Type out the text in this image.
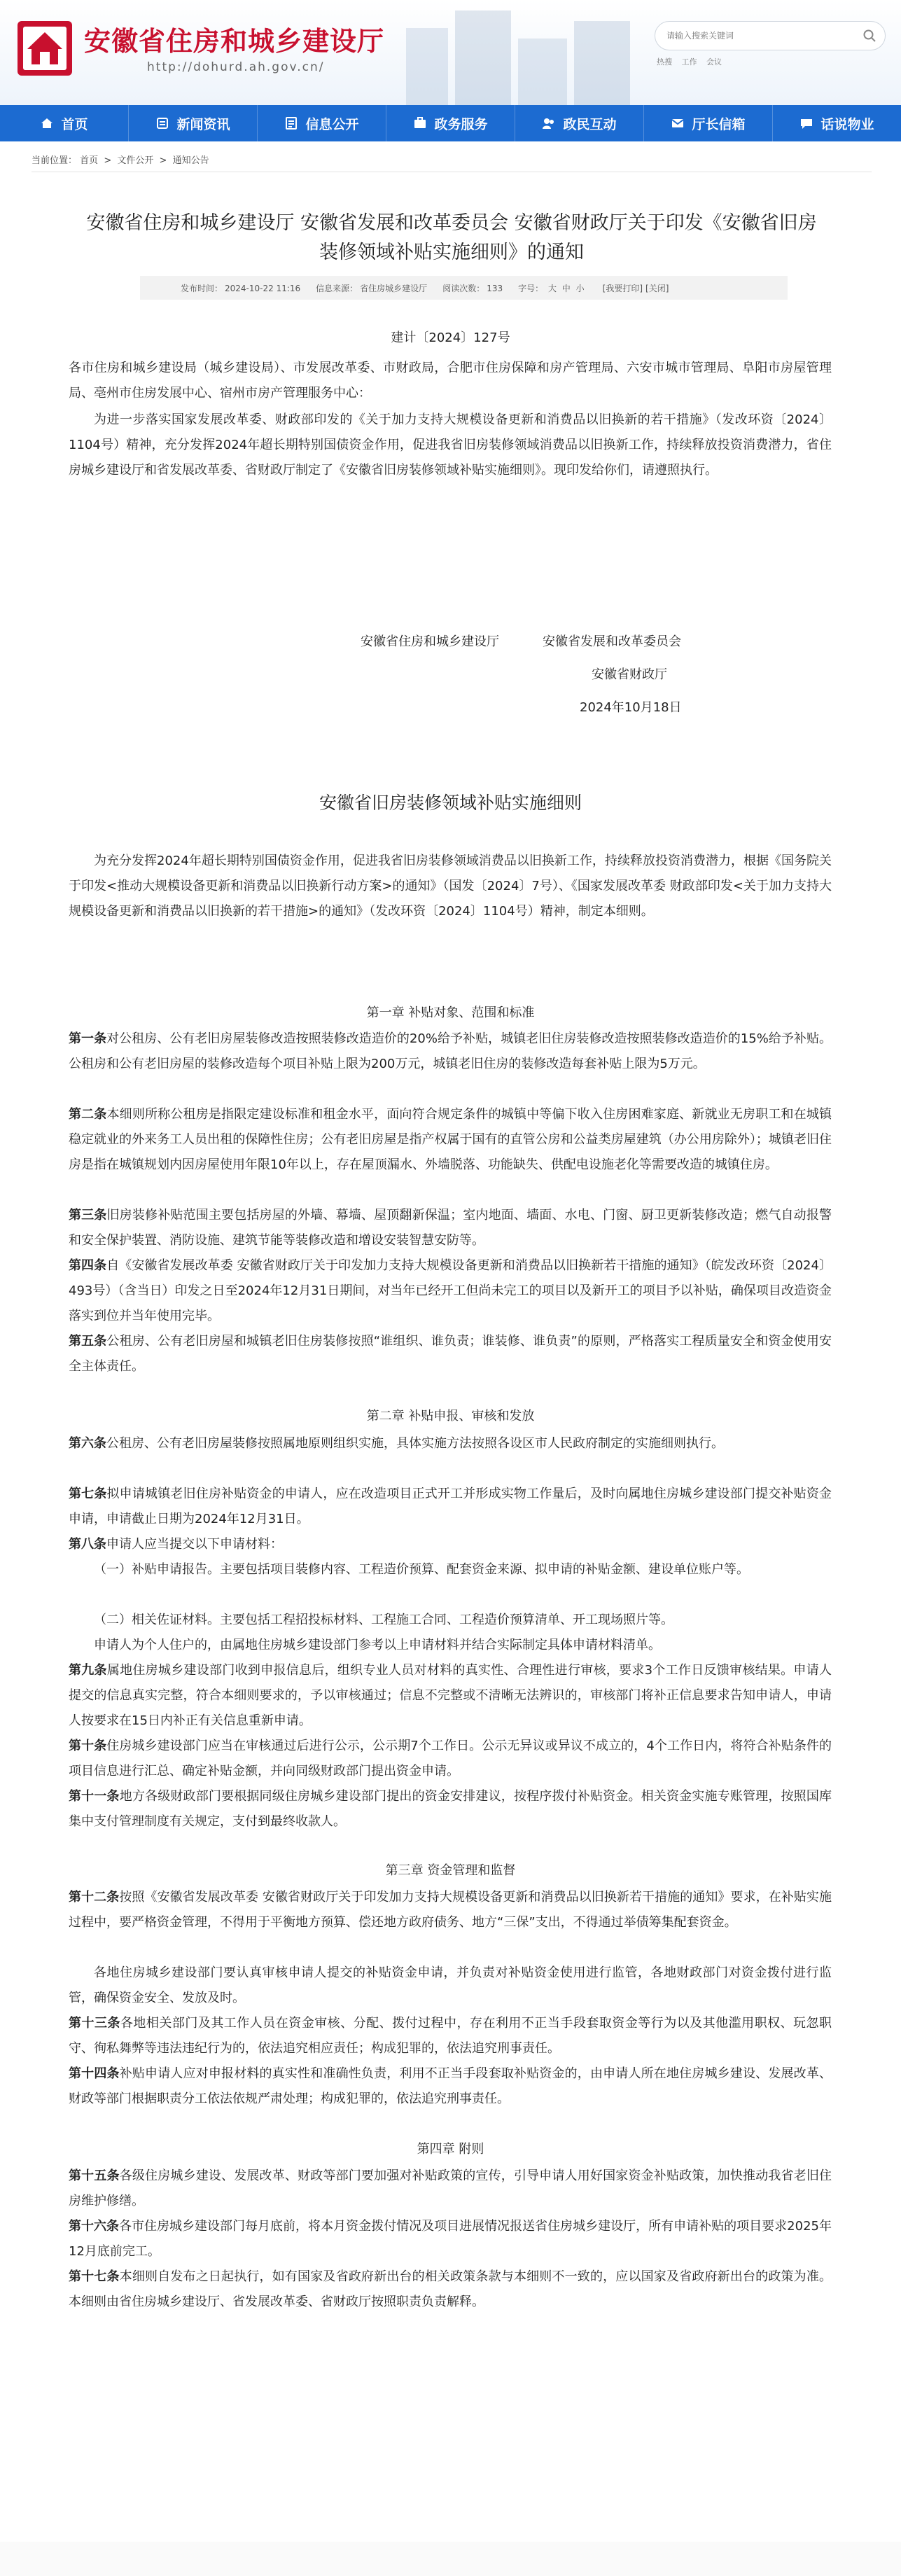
安徽省住房和城乡建设厅
http://dohurd.ah.gov.cn/
请输入搜索关键词	热搜 工作 会议
首页	新闻资讯	信息公开	政务服务	政民互动	厅长信箱	话说物业
当前位置： 首页 > 文件公开 > 通知公告
安徽省住房和城乡建设厅 安徽省发展和改革委员会 安徽省财政厅关于印发《安徽省旧房
装修领域补贴实施细则》的通知
发布时间： 2024-10-22 11:16 信息来源： 省住房城乡建设厅 阅读次数： 133 字号： 大 中 小	[我要打印] [关闭]
建计〔2024〕127号
各市住房和城乡建设局（城乡建设局）、市发展改革委、市财政局，合肥市住房保障和房产管理局、六安市城市管理局、阜阳市房屋管理局、亳州市住房发展中心、宿州市房产管理服务中心：
为进一步落实国家发展改革委、财政部印发的《关于加力支持大规模设备更新和消费品以旧换新的若干措施》（发改环资〔2024〕1104号）精神，充分发挥2024年超长期特别国债资金作用，促进我省旧房装修领域消费品以旧换新工作，持续释放投资消费潜力，省住房城乡建设厅和省发展改革委、省财政厅制定了《安徽省旧房装修领域补贴实施细则》。现印发给你们，请遵照执行。
安徽省住房和城乡建设厅	安徽省发展和改革委员会
安徽省财政厅
2024年10月18日
安徽省旧房装修领域补贴实施细则
为充分发挥2024年超长期特别国债资金作用，促进我省旧房装修领域消费品以旧换新工作，持续释放投资消费潜力，根据《国务院关于印发<推动大规模设备更新和消费品以旧换新行动方案>的通知》（国发〔2024〕7号）、《国家发展改革委 财政部印发<关于加力支持大规模设备更新和消费品以旧换新的若干措施>的通知》（发改环资〔2024〕1104号）精神，制定本细则。
第一章 补贴对象、范围和标准
第一条对公租房、公有老旧房屋装修改造按照装修改造造价的20%给予补贴，城镇老旧住房装修改造按照装修改造造价的15%给予补贴。公租房和公有老旧房屋的装修改造每个项目补贴上限为200万元，城镇老旧住房的装修改造每套补贴上限为5万元。
第二条本细则所称公租房是指限定建设标准和租金水平，面向符合规定条件的城镇中等偏下收入住房困难家庭、新就业无房职工和在城镇稳定就业的外来务工人员出租的保障性住房；公有老旧房屋是指产权属于国有的直管公房和公益类房屋建筑（办公用房除外）；城镇老旧住房是指在城镇规划内因房屋使用年限10年以上，存在屋顶漏水、外墙脱落、功能缺失、供配电设施老化等需要改造的城镇住房。
第三条旧房装修补贴范围主要包括房屋的外墙、幕墙、屋顶翻新保温；室内地面、墙面、水电、门窗、厨卫更新装修改造；燃气自动报警和安全保护装置、消防设施、建筑节能等装修改造和增设安装智慧安防等。
第四条自《安徽省发展改革委 安徽省财政厅关于印发加力支持大规模设备更新和消费品以旧换新若干措施的通知》（皖发改环资〔2024〕493号）（含当日）印发之日至2024年12月31日期间，对当年已经开工但尚未完工的项目以及新开工的项目予以补贴，确保项目改造资金落实到位并当年使用完毕。
第五条公租房、公有老旧房屋和城镇老旧住房装修按照“谁组织、谁负责；谁装修、谁负责”的原则，严格落实工程质量安全和资金使用安全主体责任。
第二章 补贴申报、审核和发放
第六条公租房、公有老旧房屋装修按照属地原则组织实施，具体实施方法按照各设区市人民政府制定的实施细则执行。
第七条拟申请城镇老旧住房补贴资金的申请人，应在改造项目正式开工并形成实物工作量后，及时向属地住房城乡建设部门提交补贴资金申请，申请截止日期为2024年12月31日。
第八条申请人应当提交以下申请材料：
（一）补贴申请报告。主要包括项目装修内容、工程造价预算、配套资金来源、拟申请的补贴金额、建设单位账户等。
（二）相关佐证材料。主要包括工程招投标材料、工程施工合同、工程造价预算清单、开工现场照片等。
申请人为个人住户的，由属地住房城乡建设部门参考以上申请材料并结合实际制定具体申请材料清单。
第九条属地住房城乡建设部门收到申报信息后，组织专业人员对材料的真实性、合理性进行审核，要求3个工作日反馈审核结果。申请人提交的信息真实完整，符合本细则要求的，予以审核通过；信息不完整或不清晰无法辨识的，审核部门将补正信息要求告知申请人，申请人按要求在15日内补正有关信息重新申请。
第十条住房城乡建设部门应当在审核通过后进行公示，公示期7个工作日。公示无异议或异议不成立的，4个工作日内，将符合补贴条件的项目信息进行汇总、确定补贴金额，并向同级财政部门提出资金申请。
第十一条地方各级财政部门要根据同级住房城乡建设部门提出的资金安排建议，按程序拨付补贴资金。相关资金实施专账管理，按照国库集中支付管理制度有关规定，支付到最终收款人。
第三章 资金管理和监督
第十二条按照《安徽省发展改革委 安徽省财政厅关于印发加力支持大规模设备更新和消费品以旧换新若干措施的通知》要求，在补贴实施过程中，要严格资金管理，不得用于平衡地方预算、偿还地方政府债务、地方“三保”支出，不得通过举债筹集配套资金。
各地住房城乡建设部门要认真审核申请人提交的补贴资金申请，并负责对补贴资金使用进行监管，各地财政部门对资金拨付进行监管，确保资金安全、发放及时。
第十三条各地相关部门及其工作人员在资金审核、分配、拨付过程中，存在利用不正当手段套取资金等行为以及其他滥用职权、玩忽职守、徇私舞弊等违法违纪行为的，依法追究相应责任；构成犯罪的，依法追究刑事责任。
第十四条补贴申请人应对申报材料的真实性和准确性负责，利用不正当手段套取补贴资金的，由申请人所在地住房城乡建设、发展改革、财政等部门根据职责分工依法依规严肃处理；构成犯罪的，依法追究刑事责任。
第四章 附则
第十五条各级住房城乡建设、发展改革、财政等部门要加强对补贴政策的宣传，引导申请人用好国家资金补贴政策，加快推动我省老旧住房维护修缮。
第十六条各市住房城乡建设部门每月底前，将本月资金拨付情况及项目进展情况报送省住房城乡建设厅，所有申请补贴的项目要求2025年12月底前完工。
第十七条本细则自发布之日起执行，如有国家及省政府新出台的相关政策条款与本细则不一致的，应以国家及省政府新出台的政策为准。本细则由省住房城乡建设厅、省发展改革委、省财政厅按照职责负责解释。
